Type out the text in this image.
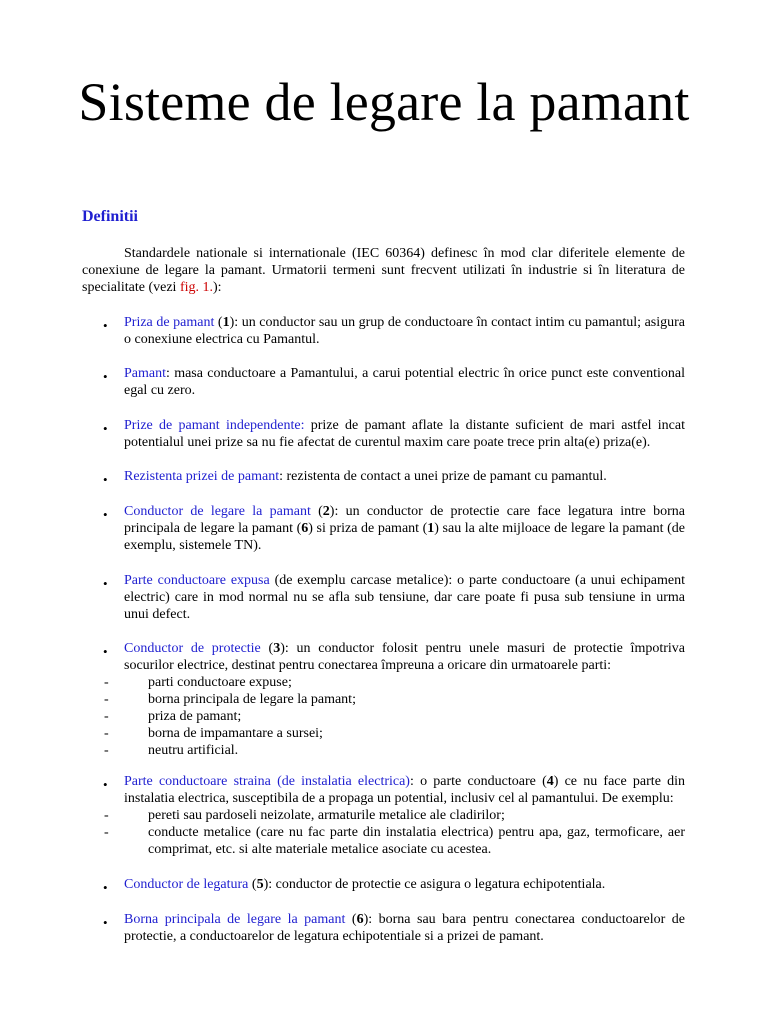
Sisteme de legare la pamant
Definitii

Standardele nationale si internationale (IEC 60364) definesc în mod clar diferitele elemente de conexiune de legare la pamant. Urmatorii termeni sunt frecvent utilizati în industrie si în literatura de specialitate (vezi fig. 1.):

•

Priza de pamant (1): un conductor sau un grup de conductoare în contact intim cu pamantul; asigura o conexiune electrica cu Pamantul.

•

Pamant: masa conductoare a Pamantului, a carui potential electric în orice punct este conventional egal cu zero.

•

Prize de pamant independente: prize de pamant aflate la distante suficient de mari astfel incat potentialul unei prize sa nu fie afectat de curentul maxim care poate trece prin alta(e) priza(e).

•

Rezistenta prizei de pamant: rezistenta de contact a unei prize de pamant cu pamantul.

•

Conductor de legare la pamant (2): un conductor de protectie care face legatura intre borna principala de legare la pamant (6) si priza de pamant (1) sau la alte mijloace de legare la pamant (de exemplu, sistemele TN).

•

Parte conductoare expusa (de exemplu carcase metalice): o parte conductoare (a unui echipament electric) care in mod normal nu se afla sub tensiune, dar care poate fi pusa sub tensiune in urma unui defect.

•
Conductor de protectie (3): un conductor folosit pentru unele masuri de protectie împotriva socurilor electrice, destinat pentru conectarea împreuna a oricare din urmatoarele parti:
-	parti conductoare expuse;
-	borna principala de legare la pamant;
-	priza de pamant;
-	borna de impamantare a sursei;
-	neutru artificial.
•
Parte conductoare straina (de instalatia electrica): o parte conductoare (4) ce nu face parte din instalatia electrica, susceptibila de a propaga un potential, inclusiv cel al pamantului. De exemplu:
-	pereti sau pardoseli neizolate, armaturile metalice ale cladirilor;
-	conducte metalice (care nu fac parte din instalatia electrica) pentru apa, gaz, termoficare, aer comprimat, etc. si alte materiale metalice asociate cu acestea.
•

Conductor de legatura (5): conductor de protectie ce asigura o legatura echipotentiala.

•

Borna principala de legare la pamant (6): borna sau bara pentru conectarea conductoarelor de protectie, a conductoarelor de legatura echipotentiale si a prizei de pamant.
